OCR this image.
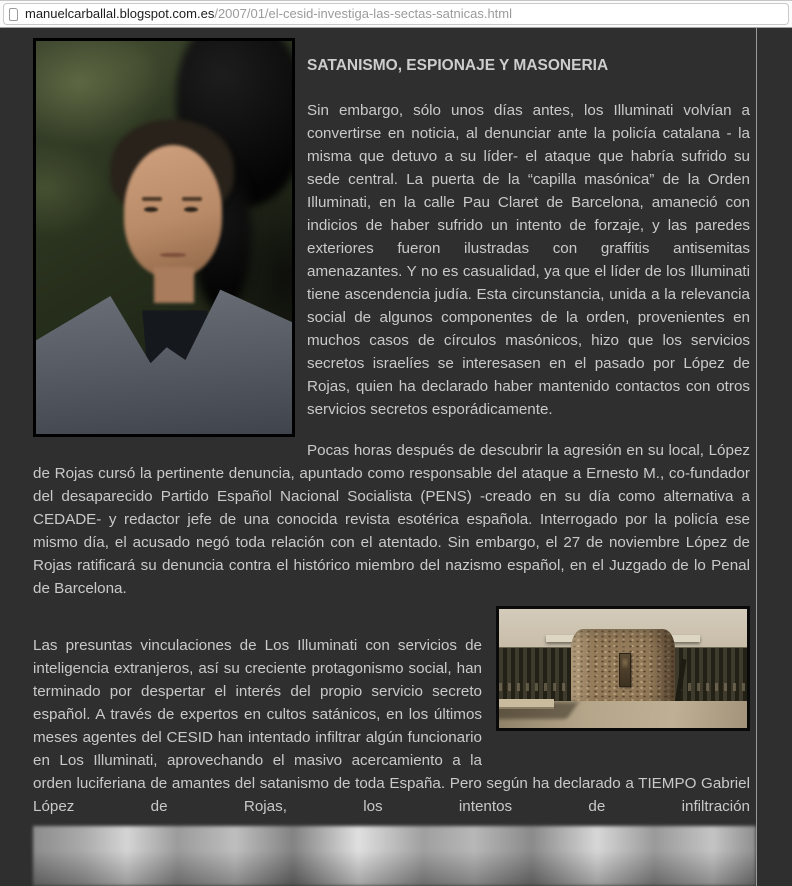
manuelcarballal.blogspot.com.es /2007/01/el-cesid-investiga-las-sectas-satnicas.html
SATANISMO, ESPIONAJE Y MASONERIA

Sin embargo, sólo unos días antes, los Illuminati volvían a convertirse en noticia, al denunciar ante la policía catalana - la misma que detuvo a su líder- el ataque que habría sufrido su sede central. La puerta de la “capilla masónica” de la Orden Illuminati, en la calle Pau Claret de Barcelona, amaneció con indicios de haber sufrido un intento de forzaje, y las paredes exteriores fueron ilustradas con graffitis antisemitas amenazantes. Y no es casualidad, ya que el líder de los Illuminati tiene ascendencia judía. Esta circunstancia, unida a la relevancia social de algunos componentes de la orden, provenientes en muchos casos de círculos masónicos, hizo que los servicios secretos israelíes se interesasen en el pasado por López de Rojas, quien ha declarado haber mantenido contactos con otros servicios secretos esporádicamente.

Pocas horas después de descubrir la agresión en su local, López de Rojas cursó la pertinente denuncia, apuntado como responsable del ataque a Ernesto M., co-fundador del desaparecido Partido Español Nacional Socialista (PENS) -creado en su día como alternativa a CEDADE- y redactor jefe de una conocida revista esotérica española. Interrogado por la policía ese mismo día, el acusado negó toda relación con el atentado. Sin embargo, el 27 de noviembre López de Rojas ratificará su denuncia contra el histórico miembro del nazismo español, en el Juzgado de lo Penal de Barcelona.

Las presuntas vinculaciones de Los Illuminati con servicios de inteligencia extranjeros, así su creciente protagonismo social, han terminado por despertar el interés del propio servicio secreto español. A través de expertos en cultos satánicos, en los últimos meses agentes del CESID han intentado infiltrar algún funcionario en Los Illuminati, aprovechando el masivo acercamiento a la orden luciferiana de amantes del satanismo de toda España. Pero según ha declarado a TIEMPO Gabriel López de Rojas, los intentos de infiltración
